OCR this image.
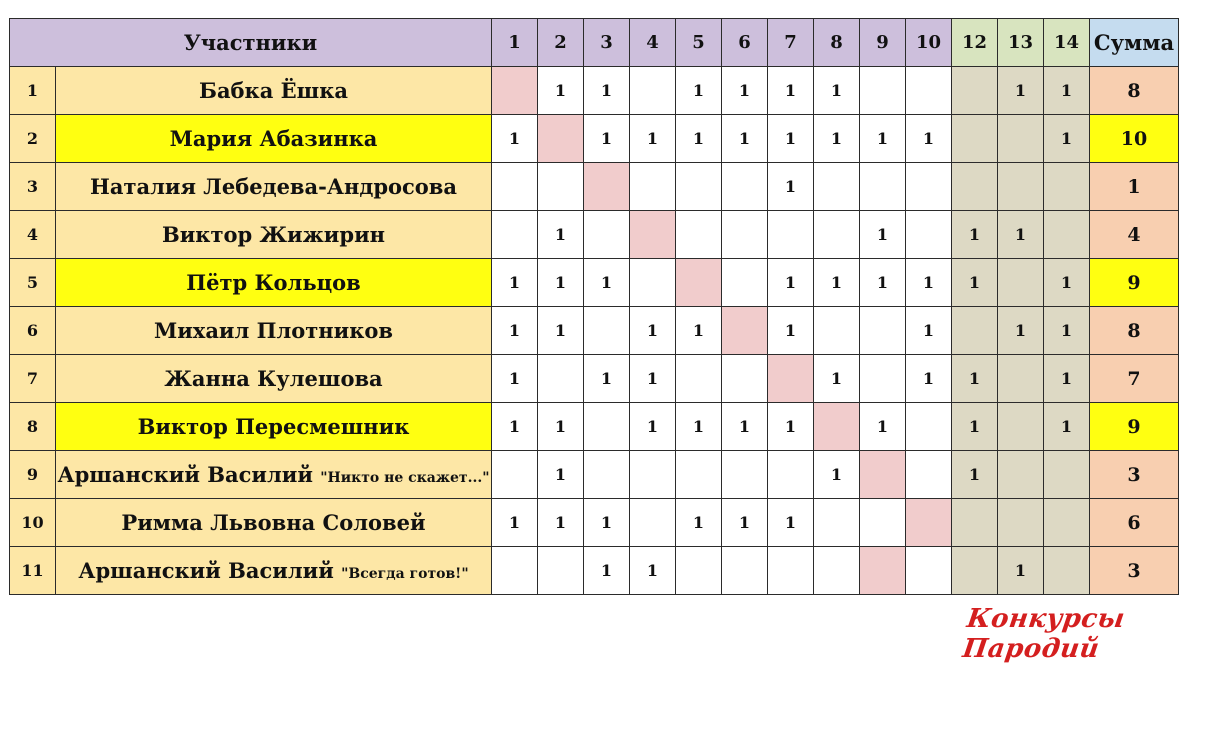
Участники		1	2	3	4	5	6	7	8	9	10	12	13	14	Сумма
1	Бабка Ёшка		1	1		1	1	1	1				1	1	8
2	Мария Абазинка	1		1	1	1	1	1	1	1	1			1	10
3	Наталия Лебедева-Андросова							1							1
4	Виктор Жижирин		1							1		1	1		4
5	Пётр Кольцов	1	1	1				1	1	1	1	1		1	9
6	Михаил Плотников	1	1		1	1		1			1		1	1	8
7	Жанна Кулешова	1		1	1				1		1	1		1	7
8	Виктор Пересмешник	1	1		1	1	1	1		1		1		1	9
9	Аршанский Василий "Никто не скажет..."		1						1			1			3
10	Римма Львовна Соловей	1	1	1		1	1	1							6
11	Аршанский Василий "Всегда готов!"			1	1								1		3
Конкурсы Пародий
